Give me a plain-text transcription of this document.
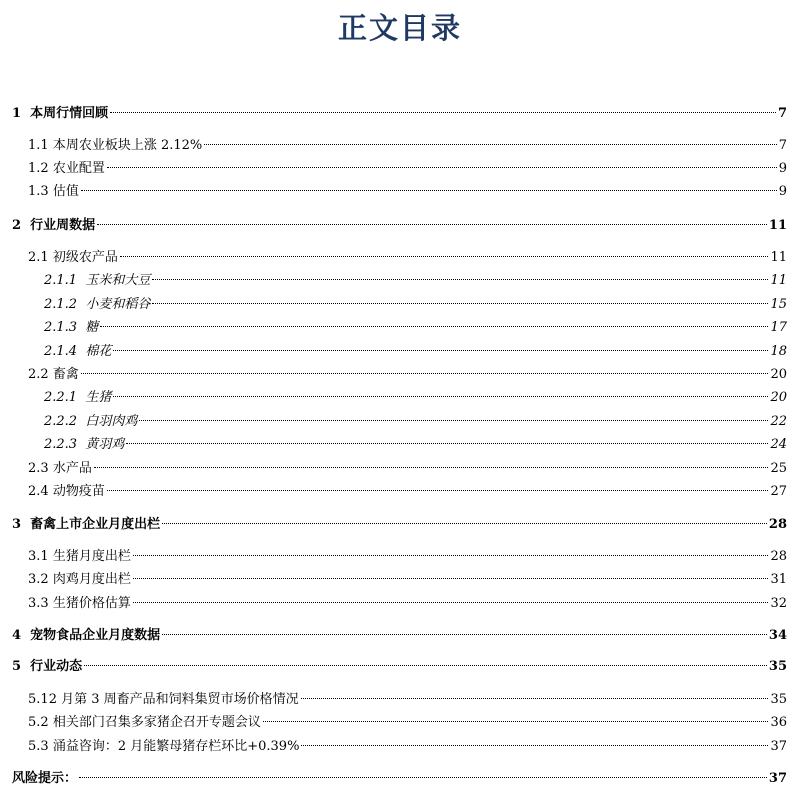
正文目录
1 本周行情回顾	7
1.1 本周农业板块上涨 2.12%	7
1.2 农业配置	9
1.3 估值	9
2 行业周数据	11
2.1 初级农产品	11
2.1.1 玉米和大豆	11
2.1.2 小麦和稻谷	15
2.1.3 糖	17
2.1.4 棉花	18
2.2 畜禽	20
2.2.1 生猪	20
2.2.2 白羽肉鸡	22
2.2.3 黄羽鸡	24
2.3 水产品	25
2.4 动物疫苗	27
3 畜禽上市企业月度出栏	28
3.1 生猪月度出栏	28
3.2 肉鸡月度出栏	31
3.3 生猪价格估算	32
4 宠物食品企业月度数据	34
5 行业动态	35
5.12 月第 3 周畜产品和饲料集贸市场价格情况	35
5.2 相关部门召集多家猪企召开专题会议	36
5.3 涌益咨询：2 月能繁母猪存栏环比+0.39%	37
风险提示：	37
